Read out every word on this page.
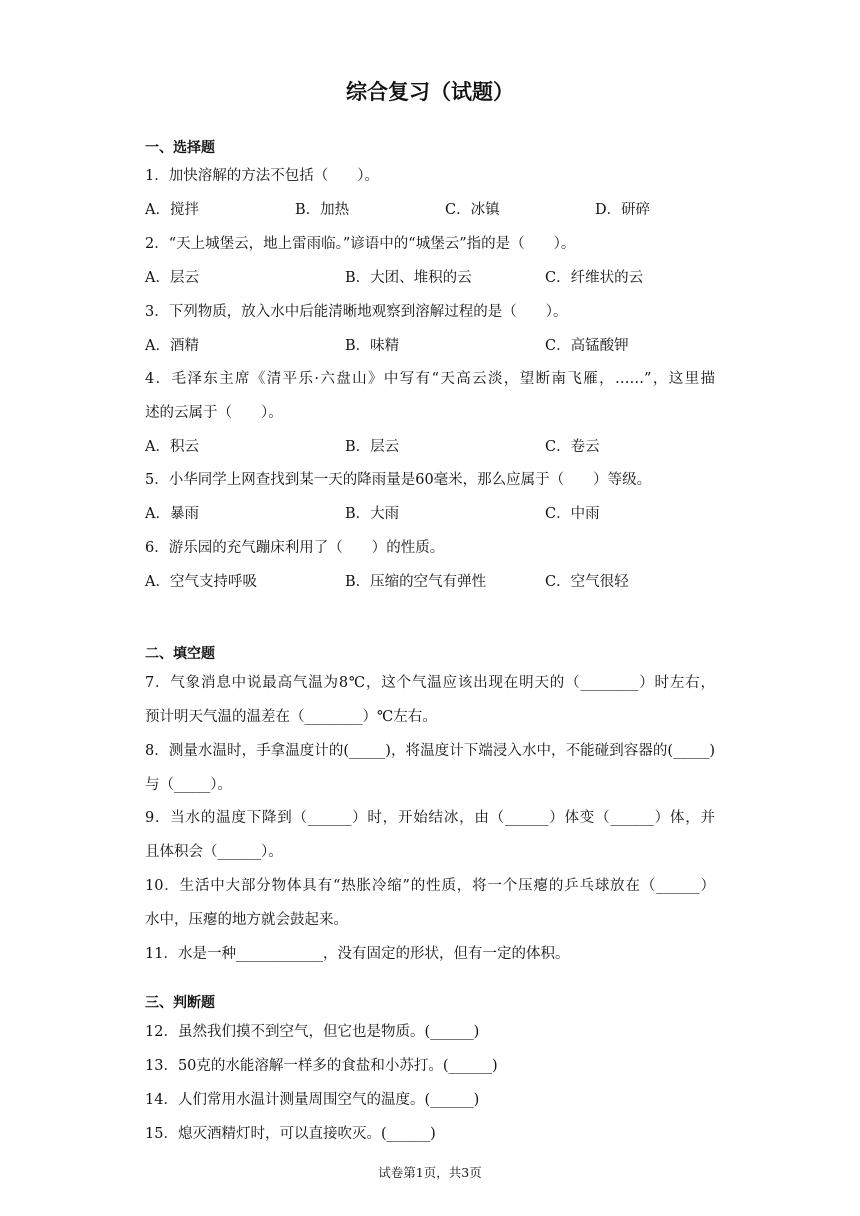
综合复习（试题）
一、选择题
1．加快溶解的方法不包括（　　）。
A．搅拌	B．加热	C．冰镇	D．研碎
2．“天上城堡云，地上雷雨临。”谚语中的“城堡云”指的是（　　）。
A．层云	B．大团、堆积的云	C．纤维状的云
3．下列物质，放入水中后能清晰地观察到溶解过程的是（　　）。
A．酒精	B．味精	C．高锰酸钾
4．毛泽东主席《清平乐·六盘山》中写有“天高云淡，望断南飞雁，……”，这里描
述的云属于（　　）。
A．积云	B．层云	C．卷云
5．小华同学上网查找到某一天的降雨量是60毫米，那么应属于（　　）等级。
A．暴雨	B．大雨	C．中雨
6．游乐园的充气蹦床利用了（　　）的性质。
A．空气支持呼吸	B．压缩的空气有弹性	C．空气很轻
二、填空题
7．气象消息中说最高气温为8℃，这个气温应该出现在明天的（________）时左右，
预计明天气温的温差在（________）℃左右。
8．测量水温时，手拿温度计的(_____)，将温度计下端浸入水中，不能碰到容器的(_____)
与（_____）。
9．当水的温度下降到（______）时，开始结冰，由（______）体变（______）体，并
且体积会（______）。
10．生活中大部分物体具有“热胀冷缩”的性质，将一个压瘪的乒乓球放在（______）
水中，压瘪的地方就会鼓起来。
11．水是一种____________，没有固定的形状，但有一定的体积。
三、判断题
12．虽然我们摸不到空气，但它也是物质。(______)
13．50克的水能溶解一样多的食盐和小苏打。(______)
14．人们常用水温计测量周围空气的温度。(______)
15．熄灭酒精灯时，可以直接吹灭。(______)
试卷第1页，共3页
